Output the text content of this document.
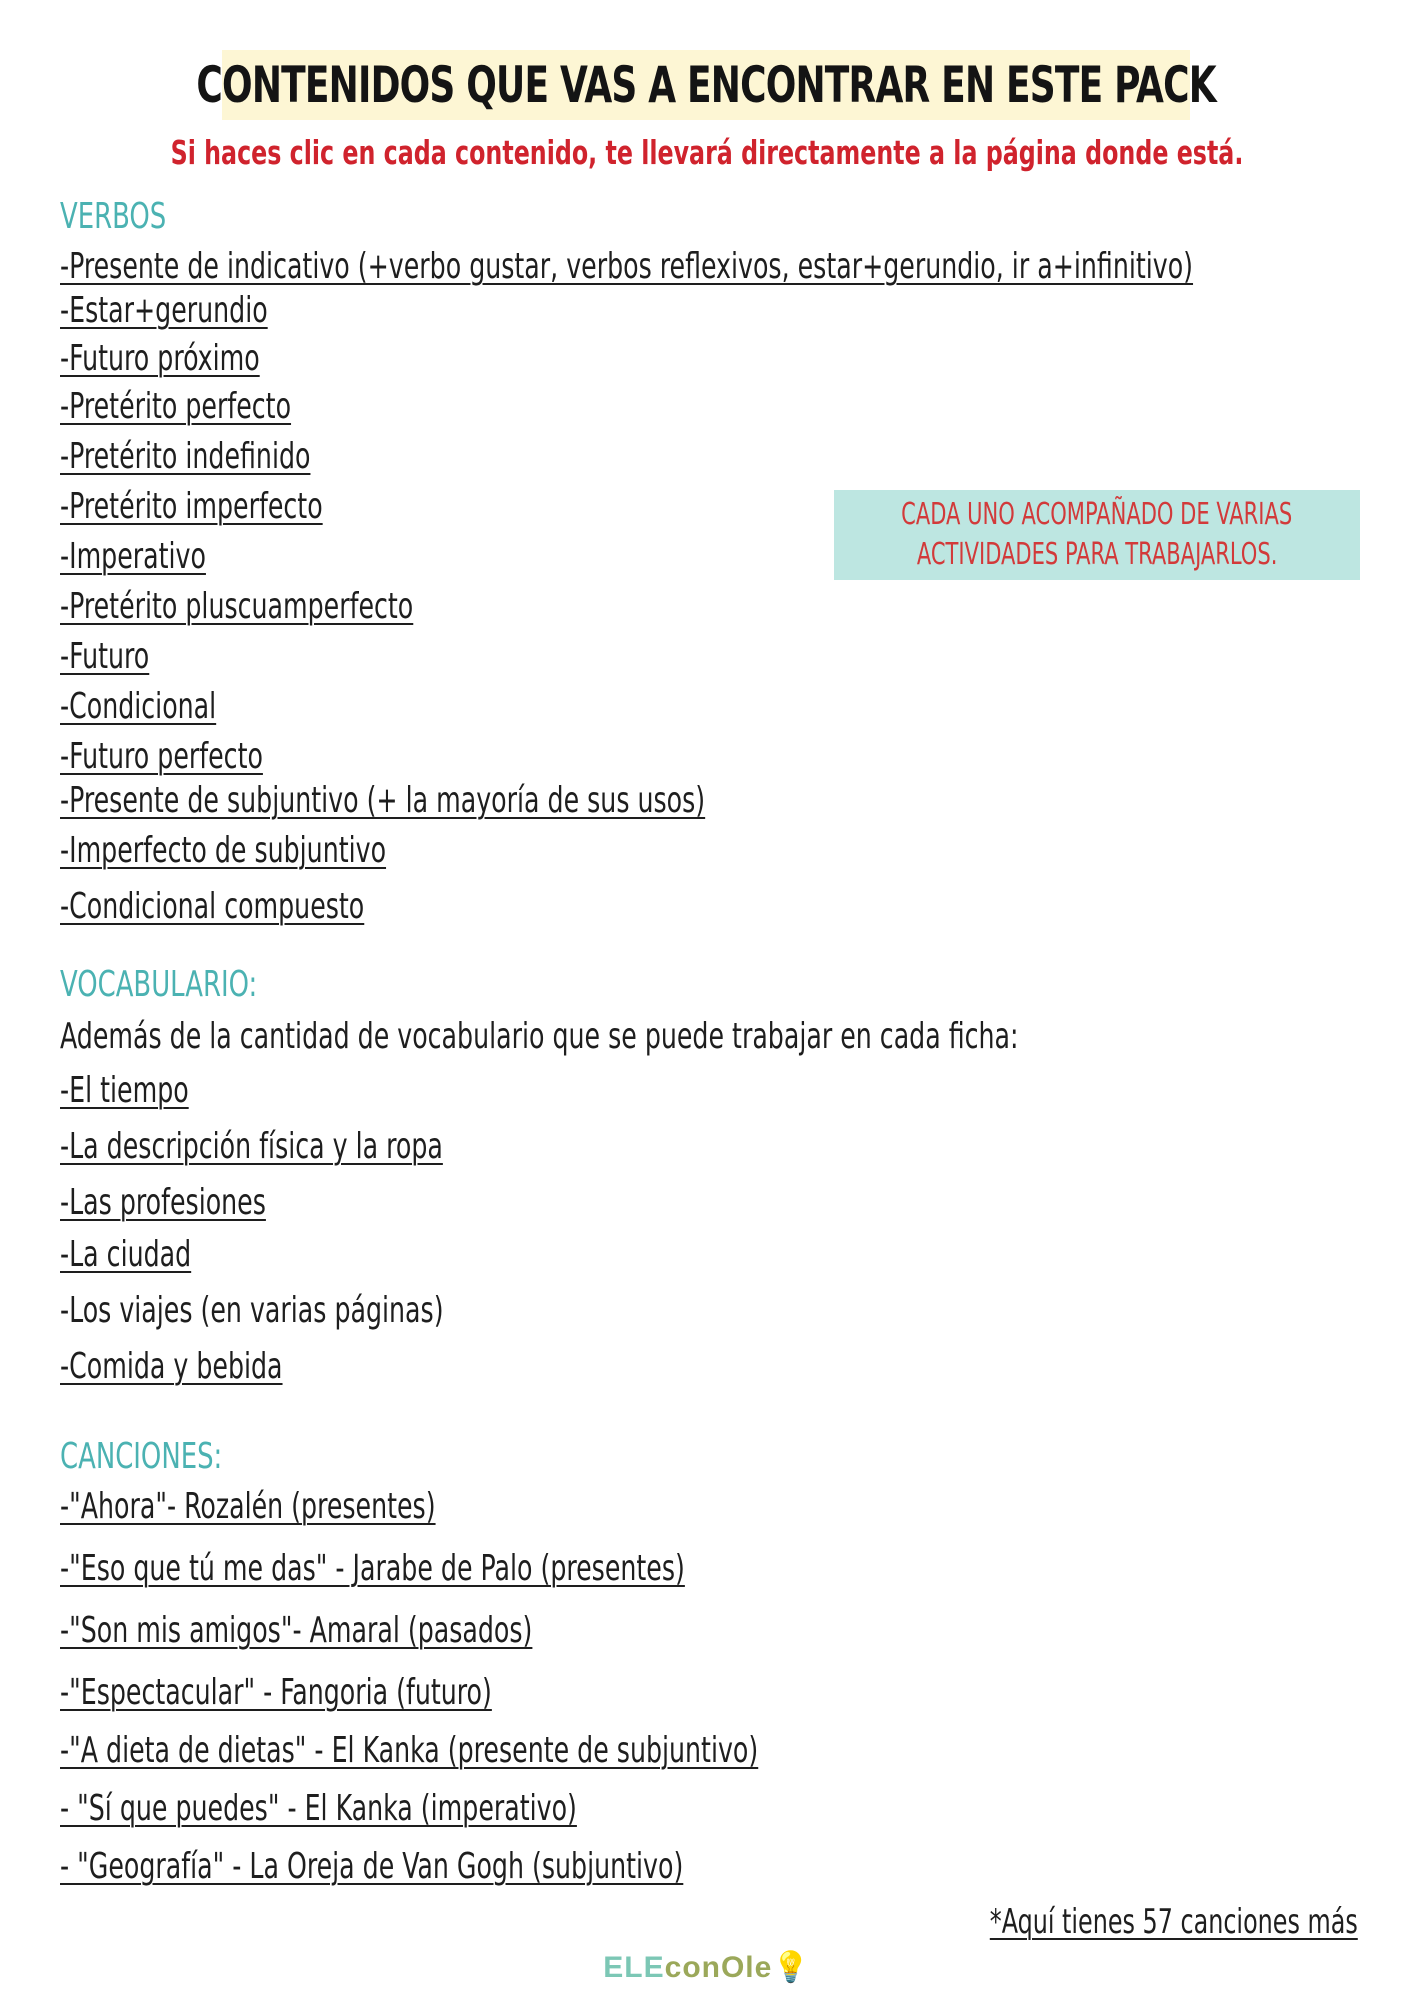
CONTENIDOS QUE VAS A ENCONTRAR EN ESTE PACK
Si haces clic en cada contenido, te llevará directamente a la página donde está.
VERBOS
-Presente de indicativo (+verbo gustar, verbos reflexivos, estar+gerundio, ir a+infinitivo)
-Estar+gerundio
-Futuro próximo
-Pretérito perfecto
-Pretérito indefinido
-Pretérito imperfecto
-Imperativo
-Pretérito pluscuamperfecto
-Futuro
-Condicional
-Futuro perfecto
-Presente de subjuntivo (+ la mayoría de sus usos)
-Imperfecto de subjuntivo
-Condicional compuesto
CADA UNO ACOMPAÑADO DE VARIAS
ACTIVIDADES PARA TRABAJARLOS.
VOCABULARIO:
Además de la cantidad de vocabulario que se puede trabajar en cada ficha:
-El tiempo
-La descripción física y la ropa
-Las profesiones
-La ciudad
-Los viajes (en varias páginas)
-Comida y bebida
CANCIONES:
-"Ahora"- Rozalén (presentes)
-"Eso que tú me das" - Jarabe de Palo (presentes)
-"Son mis amigos"- Amaral (pasados)
-"Espectacular" - Fangoria (futuro)
-"A dieta de dietas" - El Kanka (presente de subjuntivo)
- "Sí que puedes" - El Kanka (imperativo)
- "Geografía" - La Oreja de Van Gogh (subjuntivo)
*Aquí tienes 57 canciones más
ELEconOle💡
